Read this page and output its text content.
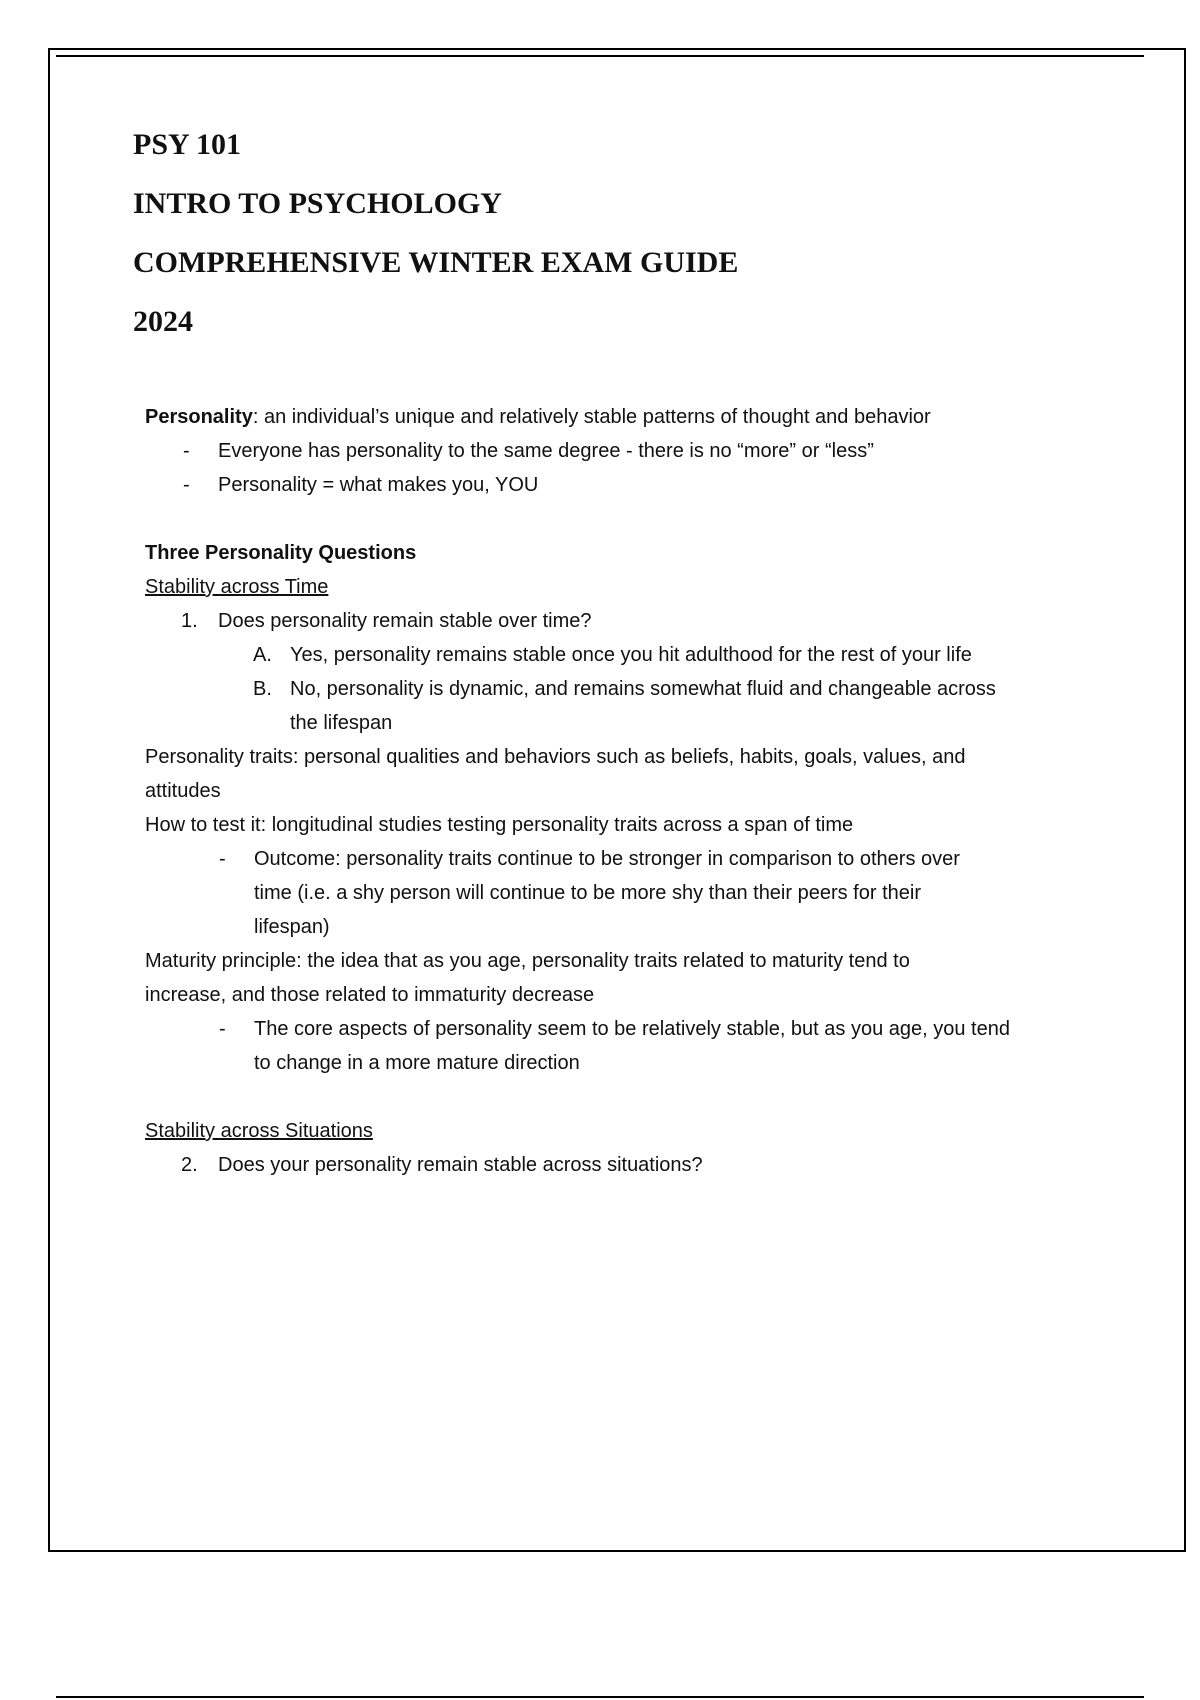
PSY 101
INTRO TO PSYCHOLOGY
COMPREHENSIVE WINTER EXAM GUIDE
2024
Personality: an individual’s unique and relatively stable patterns of thought and behavior
- Everyone has personality to the same degree - there is no “more” or “less”
- Personality = what makes you, YOU
Three Personality Questions
Stability across Time
1. Does personality remain stable over time?
A. Yes, personality remains stable once you hit adulthood for the rest of your life
B. No, personality is dynamic, and remains somewhat fluid and changeable across
the lifespan
Personality traits: personal qualities and behaviors such as beliefs, habits, goals, values, and
attitudes
How to test it: longitudinal studies testing personality traits across a span of time
- Outcome: personality traits continue to be stronger in comparison to others over
time (i.e. a shy person will continue to be more shy than their peers for their
lifespan)
Maturity principle: the idea that as you age, personality traits related to maturity tend to
increase, and those related to immaturity decrease
- The core aspects of personality seem to be relatively stable, but as you age, you tend
to change in a more mature direction
Stability across Situations
2. Does your personality remain stable across situations?
